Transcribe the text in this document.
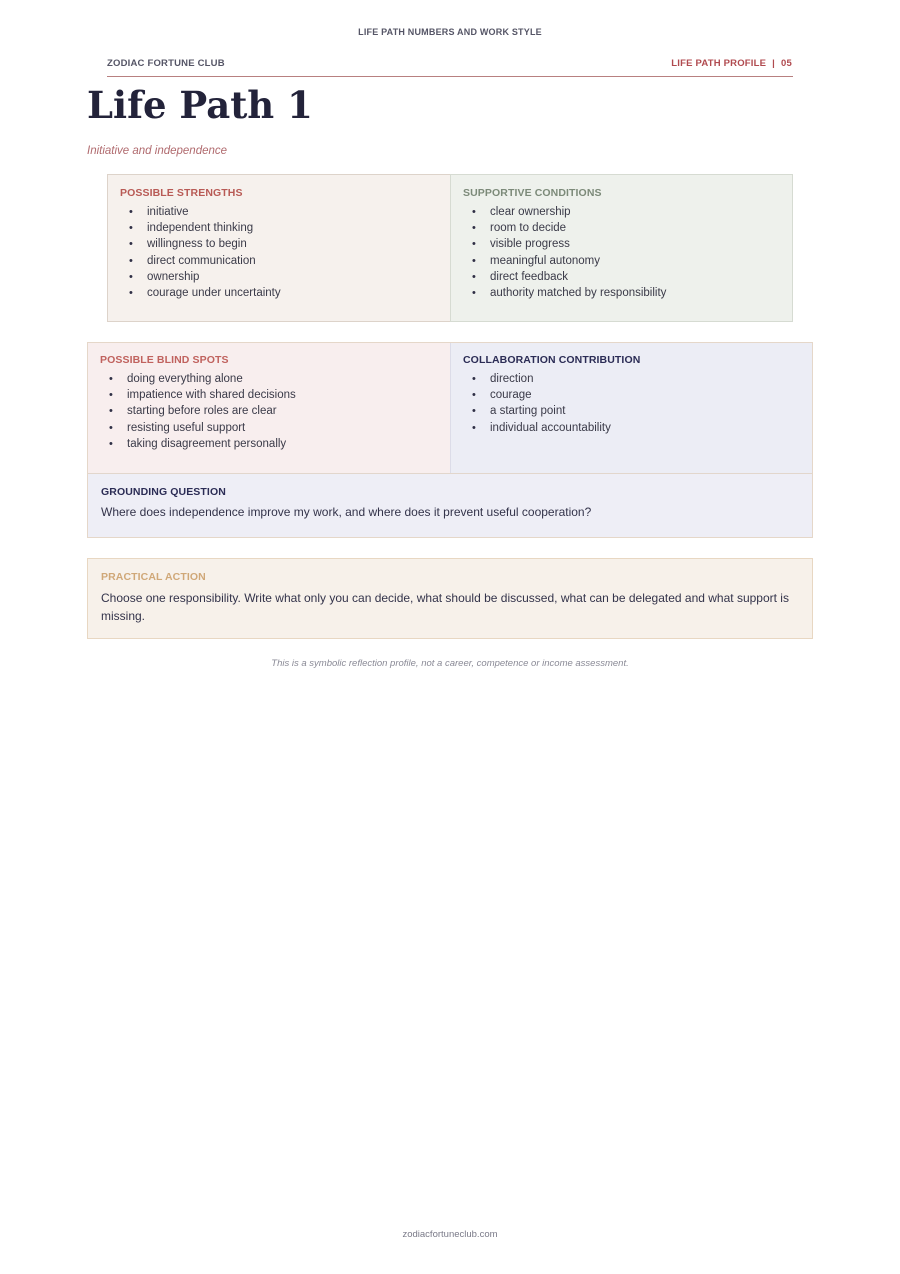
LIFE PATH NUMBERS AND WORK STYLE
ZODIAC FORTUNE CLUB	LIFE PATH PROFILE | 05
Life Path 1
Initiative and independence
POSSIBLE STRENGTHS
• initiative
• independent thinking
• willingness to begin
• direct communication
• ownership
• courage under uncertainty
SUPPORTIVE CONDITIONS
• clear ownership
• room to decide
• visible progress
• meaningful autonomy
• direct feedback
• authority matched by responsibility
POSSIBLE BLIND SPOTS
• doing everything alone
• impatience with shared decisions
• starting before roles are clear
• resisting useful support
• taking disagreement personally
COLLABORATION CONTRIBUTION
• direction
• courage
• a starting point
• individual accountability
GROUNDING QUESTION
Where does independence improve my work, and where does it prevent useful cooperation?
PRACTICAL ACTION
Choose one responsibility. Write what only you can decide, what should be discussed, what can be delegated and what support is missing.
This is a symbolic reflection profile, not a career, competence or income assessment.
zodiacfortuneclub.com
